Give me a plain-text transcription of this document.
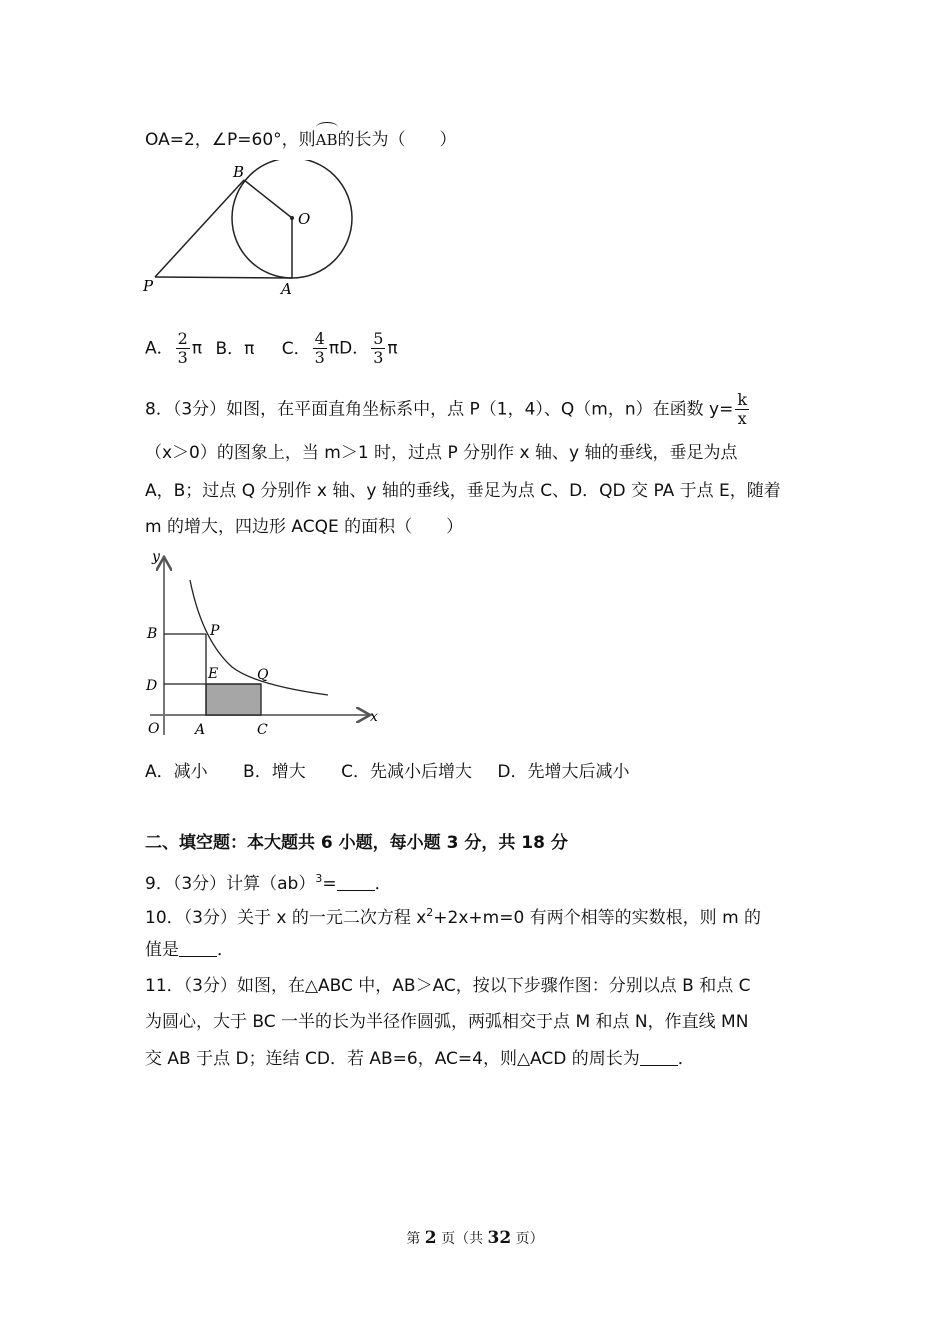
OA=2，∠P=60°，则AB的长为（　　）
B
O
P	A
A． $\frac{2}{3}$ π B．π C． $\frac{4}{3}$ πD． $\frac{5}{3}$ π
8．（3分）如图，在平面直角坐标系中，点 P（1，4）、Q（m，n）在函数 $y= \frac{k}{x}$
（x＞0）的图象上，当 m＞1 时，过点 P 分别作 x 轴、y 轴的垂线，垂足为点
A，B；过点 Q 分别作 x 轴、y 轴的垂线，垂足为点 C、D．QD 交 PA 于点 E，随着
m 的增大，四边形 ACQE 的面积（　　）
y
x
B	P
E	Q
D
O	A	C
A．减小 B．增大 C．先减小后增大 D．先增大后减小
二、填空题：本大题共 6 小题，每小题 3 分，共 18 分
9．（3分）计算（ab）$^3$= ．
10．（3分）关于 x 的一元二次方程 $x^2+2x+m=0$ 有两个相等的实数根，则 m 的
值是 ．
11．（3分）如图，在△ABC 中，AB＞AC，按以下步骤作图：分别以点 B 和点 C
为圆心，大于 BC 一半的长为半径作圆弧，两弧相交于点 M 和点 N，作直线 MN
交 AB 于点 D；连结 CD．若 AB=6，AC=4，则△ACD 的周长为 ．
第 2 页（共 32 页）
